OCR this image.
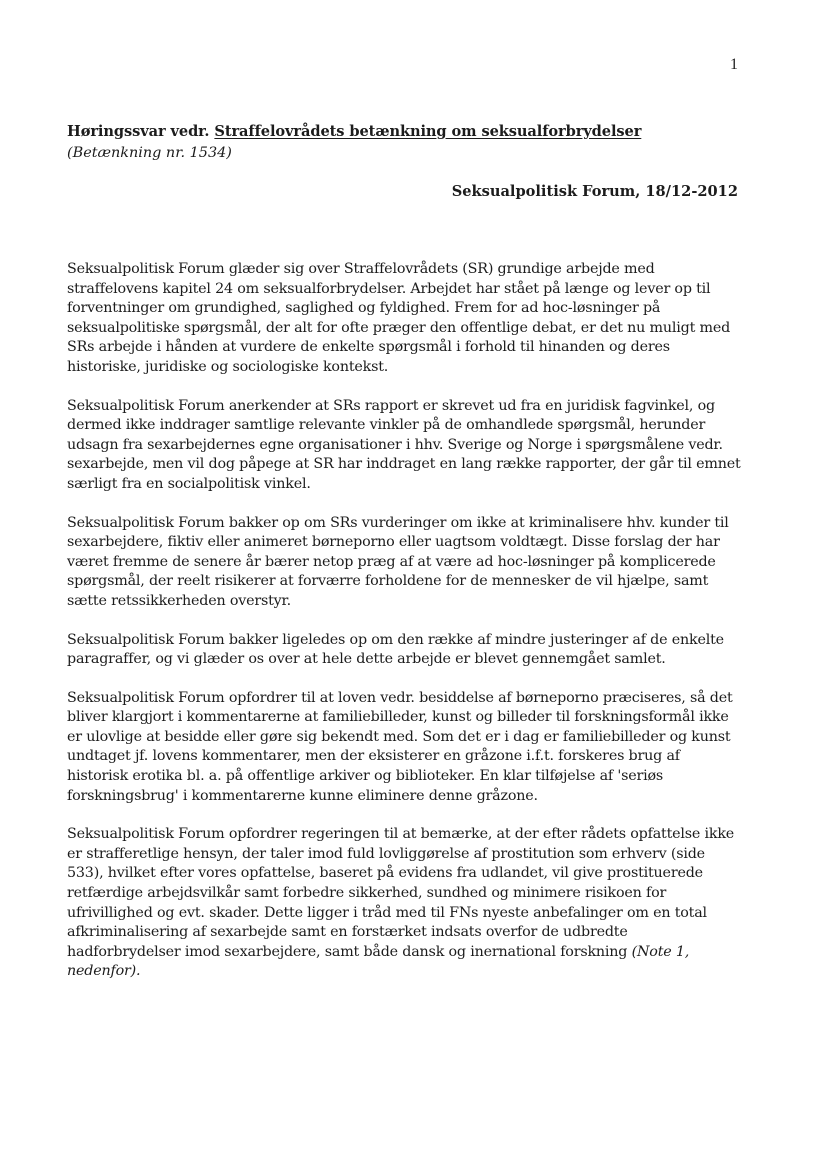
1
Høringssvar vedr. Straffelovrådets betænkning om seksualforbrydelser
(Betænkning nr. 1534)
Seksualpolitisk Forum, 18/12-2012
Seksualpolitisk Forum glæder sig over Straffelovrådets (SR) grundige arbejde med
straffelovens kapitel 24 om seksualforbrydelser. Arbejdet har stået på længe og lever op til
forventninger om grundighed, saglighed og fyldighed. Frem for ad hoc-løsninger på
seksualpolitiske spørgsmål, der alt for ofte præger den offentlige debat, er det nu muligt med
SRs arbejde i hånden at vurdere de enkelte spørgsmål i forhold til hinanden og deres
historiske, juridiske og sociologiske kontekst.
Seksualpolitisk Forum anerkender at SRs rapport er skrevet ud fra en juridisk fagvinkel, og
dermed ikke inddrager samtlige relevante vinkler på de omhandlede spørgsmål, herunder
udsagn fra sexarbejdernes egne organisationer i hhv. Sverige og Norge i spørgsmålene vedr.
sexarbejde, men vil dog påpege at SR har inddraget en lang række rapporter, der går til emnet
særligt fra en socialpolitisk vinkel.
Seksualpolitisk Forum bakker op om SRs vurderinger om ikke at kriminalisere hhv. kunder til
sexarbejdere, fiktiv eller animeret børneporno eller uagtsom voldtægt. Disse forslag der har
været fremme de senere år bærer netop præg af at være ad hoc-løsninger på komplicerede
spørgsmål, der reelt risikerer at forværre forholdene for de mennesker de vil hjælpe, samt
sætte retssikkerheden overstyr.
Seksualpolitisk Forum bakker ligeledes op om den række af mindre justeringer af de enkelte
paragraffer, og vi glæder os over at hele dette arbejde er blevet gennemgået samlet.
Seksualpolitisk Forum opfordrer til at loven vedr. besiddelse af børneporno præciseres, så det
bliver klargjort i kommentarerne at familiebilleder, kunst og billeder til forskningsformål ikke
er ulovlige at besidde eller gøre sig bekendt med. Som det er i dag er familiebilleder og kunst
undtaget jf. lovens kommentarer, men der eksisterer en gråzone i.f.t. forskeres brug af
historisk erotika bl. a. på offentlige arkiver og biblioteker. En klar tilføjelse af 'seriøs
forskningsbrug' i kommentarerne kunne eliminere denne gråzone.
Seksualpolitisk Forum opfordrer regeringen til at bemærke, at der efter rådets opfattelse ikke
er strafferetlige hensyn, der taler imod fuld lovliggørelse af prostitution som erhverv (side
533), hvilket efter vores opfattelse, baseret på evidens fra udlandet, vil give prostituerede
retfærdige arbejdsvilkår samt forbedre sikkerhed, sundhed og minimere risikoen for
ufrivillighed og evt. skader. Dette ligger i tråd med til FNs nyeste anbefalinger om en total
afkriminalisering af sexarbejde samt en forstærket indsats overfor de udbredte
hadforbrydelser imod sexarbejdere, samt både dansk og inernational forskning (Note 1,
nedenfor).
